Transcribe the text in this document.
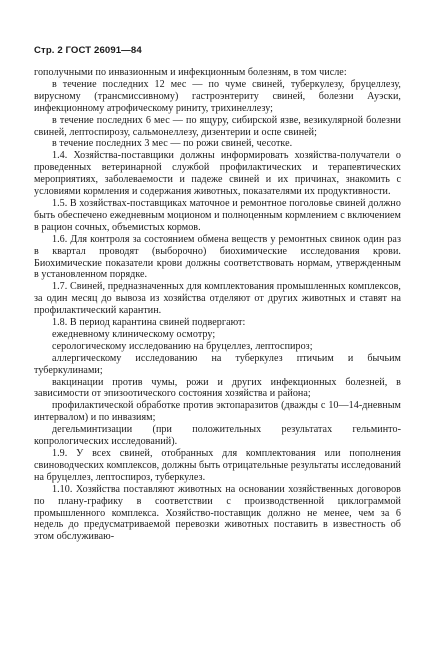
Стр. 2 ГОСТ 26091—84

гополучными по инвазионным и инфекционным болезням, в том числе:

в течение последних 12 мес — по чуме свиней, туберкулезу, бруцеллезу, вирусному (трансмиссивному) гастроэнтериту свиней, болезни Ауэски, инфекционному атрофическому риниту, трихинеллезу;

в течение последних 6 мес — по ящуру, сибирской язве, везикулярной болезни свиней, лептоспирозу, сальмонеллезу, дизентерии и оспе свиней;

в течение последних 3 мес — по рожи свиней, чесотке.

1.4. Хозяйства-поставщики должны информировать хозяйства-получатели о проведенных ветеринарной службой профилактических и терапевтических мероприятиях, заболеваемости и падеже свиней и их причинах, знакомить с условиями кормления и содержания животных, показателями их продуктивности.

1.5. В хозяйствах-поставщиках маточное и ремонтное поголовье свиней должно быть обеспечено ежедневным моционом и полноценным кормлением с включением в рацион сочных, объемистых кормов.

1.6. Для контроля за состоянием обмена веществ у ремонтных свинок один раз в квартал проводят (выборочно) биохимические исследования крови. Биохимические показатели крови должны соответствовать нормам, утвержденным в установленном порядке.

1.7. Свиней, предназначенных для комплектования промышленных комплексов, за один месяц до вывоза из хозяйства отделяют от других животных и ставят на профилактический карантин.

1.8. В период карантина свиней подвергают:

ежедневному клиническому осмотру;

серологическому исследованию на бруцеллез, лептоспироз;

аллергическому исследованию на туберкулез птичьим и бычьим туберкулинами;

вакцинации против чумы, рожи и других инфекционных болезней, в зависимости от эпизоотического состояния хозяйства и района;

профилактической обработке против эктопаразитов (дважды с 10—14-дневным интервалом) и по инвазиям;

дегельминтизации (при положительных результатах гельминто-копрологических исследований).

1.9. У всех свиней, отобранных для комплектования или пополнения свиноводческих комплексов, должны быть отрицательные результаты исследований на бруцеллез, лептоспироз, туберкулез.

1.10. Хозяйства поставляют животных на основании хозяйственных договоров по плану-графику в соответствии с производственной циклограммой промышленного комплекса. Хозяйство-поставщик должно не менее, чем за 6 недель до предусматриваемой перевозки животных поставить в известность об этом обслуживаю-
